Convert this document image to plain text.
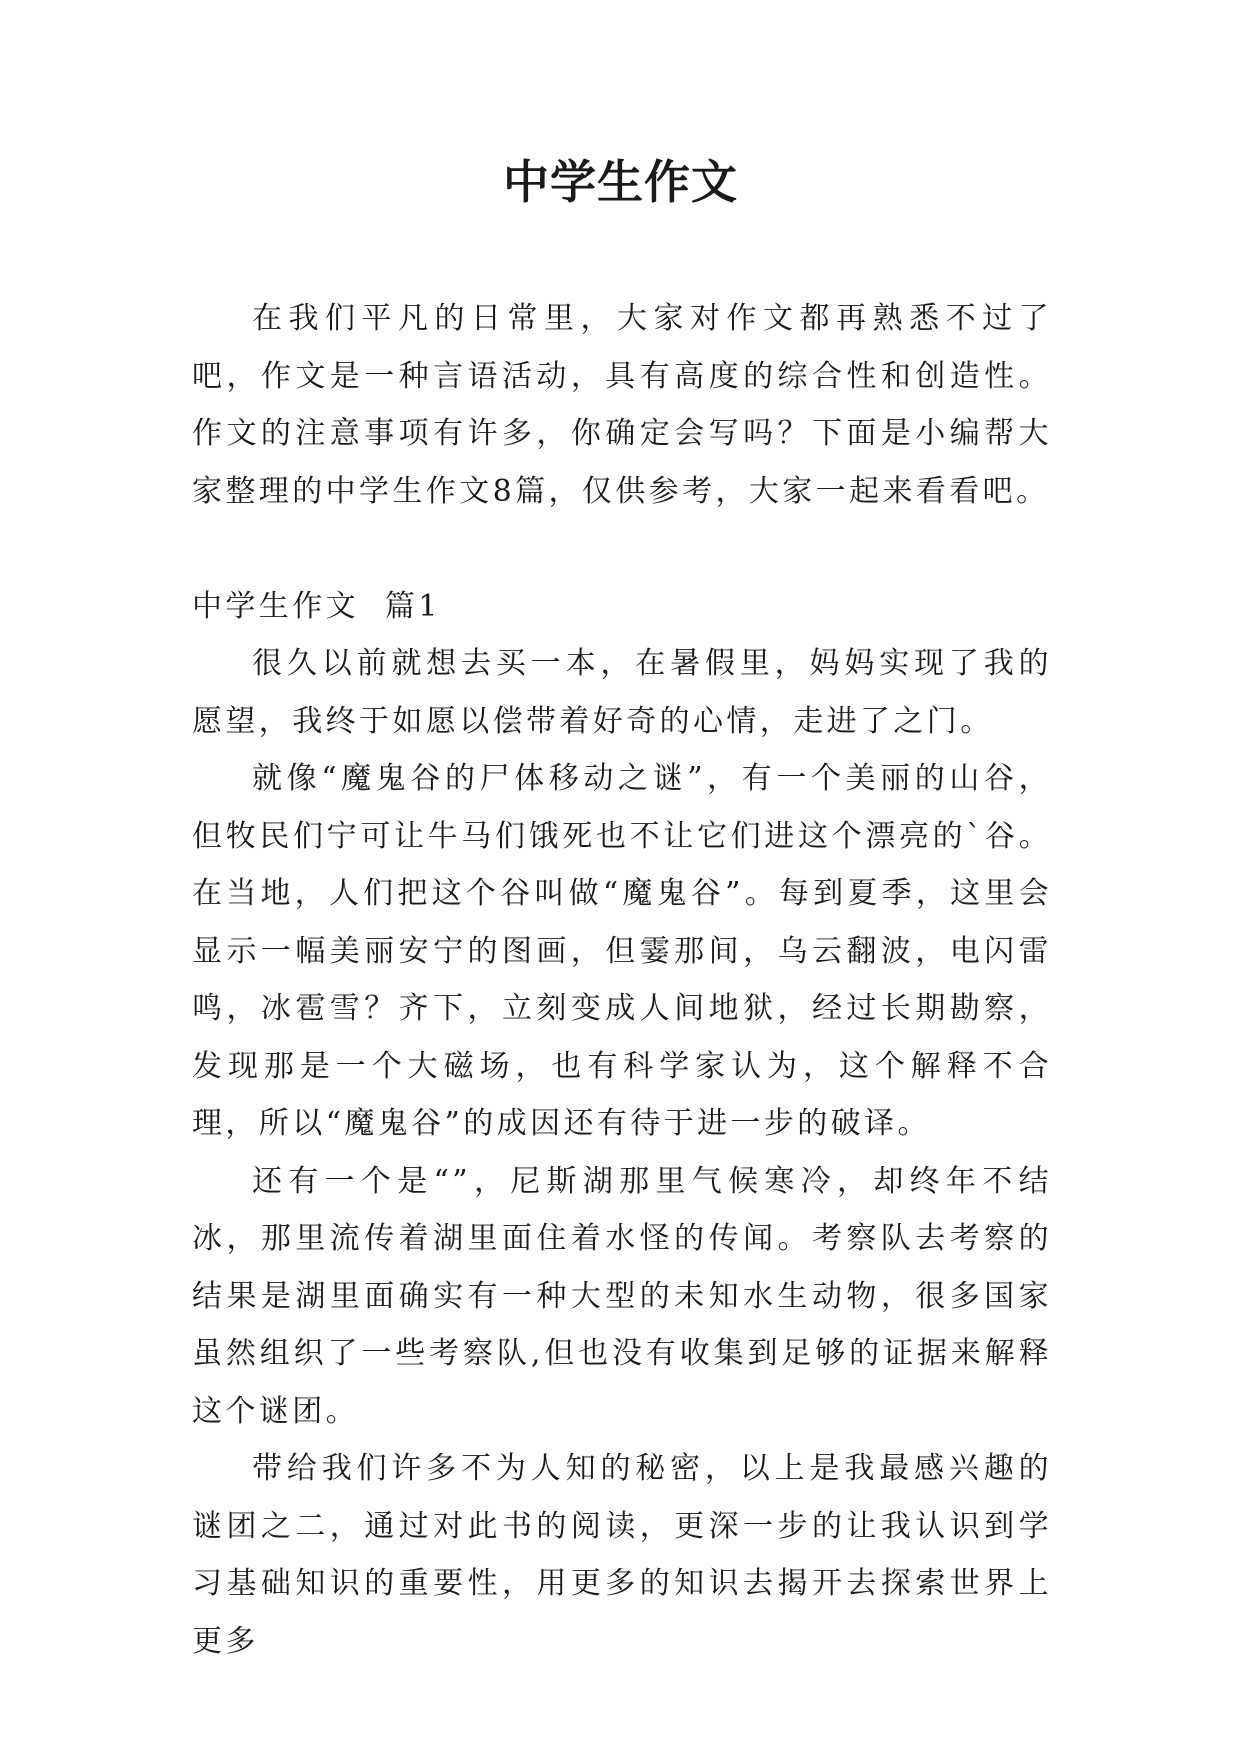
中学生作文

在我们平凡的日常里，大家对作文都再熟悉不过了吧，作文是一种言语活动，具有高度的综合性和创造性。作文的注意事项有许多，你确定会写吗？下面是小编帮大家整理的中学生作文8篇，仅供参考，大家一起来看看吧。

中学生作文  篇1

很久以前就想去买一本，在暑假里，妈妈实现了我的愿望，我终于如愿以偿带着好奇的心情，走进了之门。

就像“魔鬼谷的尸体移动之谜”，有一个美丽的山谷，但牧民们宁可让牛马们饿死也不让它们进这个漂亮的`谷。在当地，人们把这个谷叫做“魔鬼谷”。每到夏季，这里会显示一幅美丽安宁的图画，但霎那间，乌云翻波，电闪雷鸣，冰雹雪？齐下，立刻变成人间地狱，经过长期勘察，发现那是一个大磁场，也有科学家认为，这个解释不合理，所以“魔鬼谷”的成因还有待于进一步的破译。

还有一个是“”，尼斯湖那里气候寒冷，却终年不结冰，那里流传着湖里面住着水怪的传闻。考察队去考察的结果是湖里面确实有一种大型的未知水生动物，很多国家虽然组织了一些考察队,但也没有收集到足够的证据来解释这个谜团。

带给我们许多不为人知的秘密，以上是我最感兴趣的谜团之二，通过对此书的阅读，更深一步的让我认识到学习基础知识的重要性，用更多的知识去揭开去探索世界上更多
